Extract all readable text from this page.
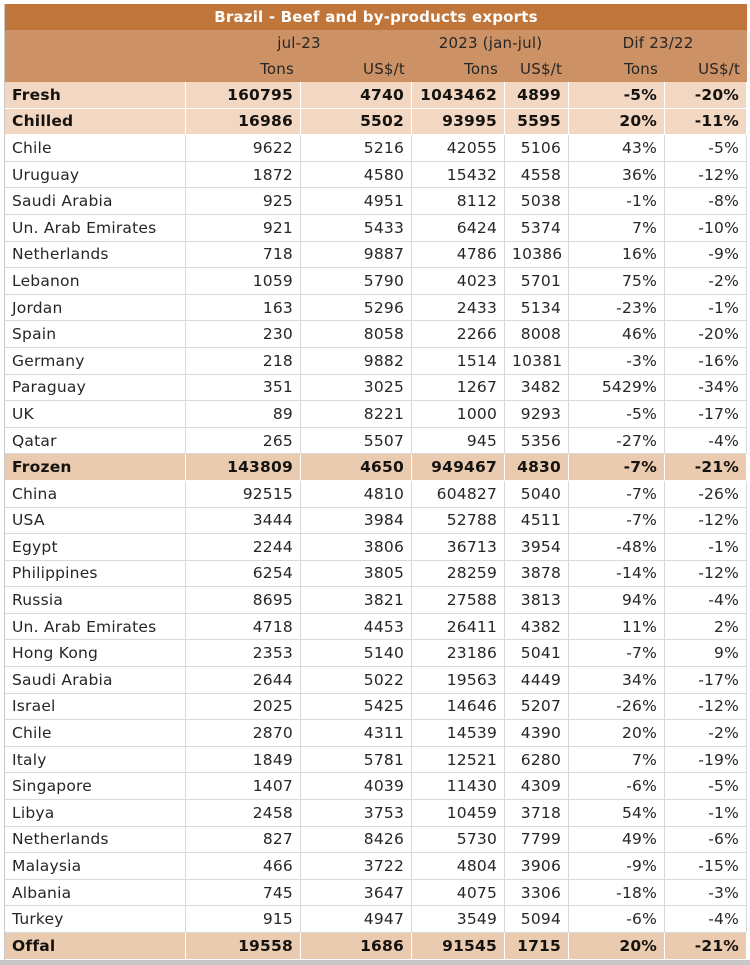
Brazil - Beef and by-products exports
	jul-23		2023 (jan-jul)		Dif 23/22	
	Tons	US$/t	Tons	US$/t	Tons	US$/t
Fresh	160795	4740	1043462	4899	-5%	-20%
Chilled	16986	5502	93995	5595	20%	-11%
Chile	9622	5216	42055	5106	43%	-5%
Uruguay	1872	4580	15432	4558	36%	-12%
Saudi Arabia	925	4951	8112	5038	-1%	-8%
Un. Arab Emirates	921	5433	6424	5374	7%	-10%
Netherlands	718	9887	4786	10386	16%	-9%
Lebanon	1059	5790	4023	5701	75%	-2%
Jordan	163	5296	2433	5134	-23%	-1%
Spain	230	8058	2266	8008	46%	-20%
Germany	218	9882	1514	10381	-3%	-16%
Paraguay	351	3025	1267	3482	5429%	-34%
UK	89	8221	1000	9293	-5%	-17%
Qatar	265	5507	945	5356	-27%	-4%
Frozen	143809	4650	949467	4830	-7%	-21%
China	92515	4810	604827	5040	-7%	-26%
USA	3444	3984	52788	4511	-7%	-12%
Egypt	2244	3806	36713	3954	-48%	-1%
Philippines	6254	3805	28259	3878	-14%	-12%
Russia	8695	3821	27588	3813	94%	-4%
Un. Arab Emirates	4718	4453	26411	4382	11%	2%
Hong Kong	2353	5140	23186	5041	-7%	9%
Saudi Arabia	2644	5022	19563	4449	34%	-17%
Israel	2025	5425	14646	5207	-26%	-12%
Chile	2870	4311	14539	4390	20%	-2%
Italy	1849	5781	12521	6280	7%	-19%
Singapore	1407	4039	11430	4309	-6%	-5%
Libya	2458	3753	10459	3718	54%	-1%
Netherlands	827	8426	5730	7799	49%	-6%
Malaysia	466	3722	4804	3906	-9%	-15%
Albania	745	3647	4075	3306	-18%	-3%
Turkey	915	4947	3549	5094	-6%	-4%
Offal	19558	1686	91545	1715	20%	-21%
